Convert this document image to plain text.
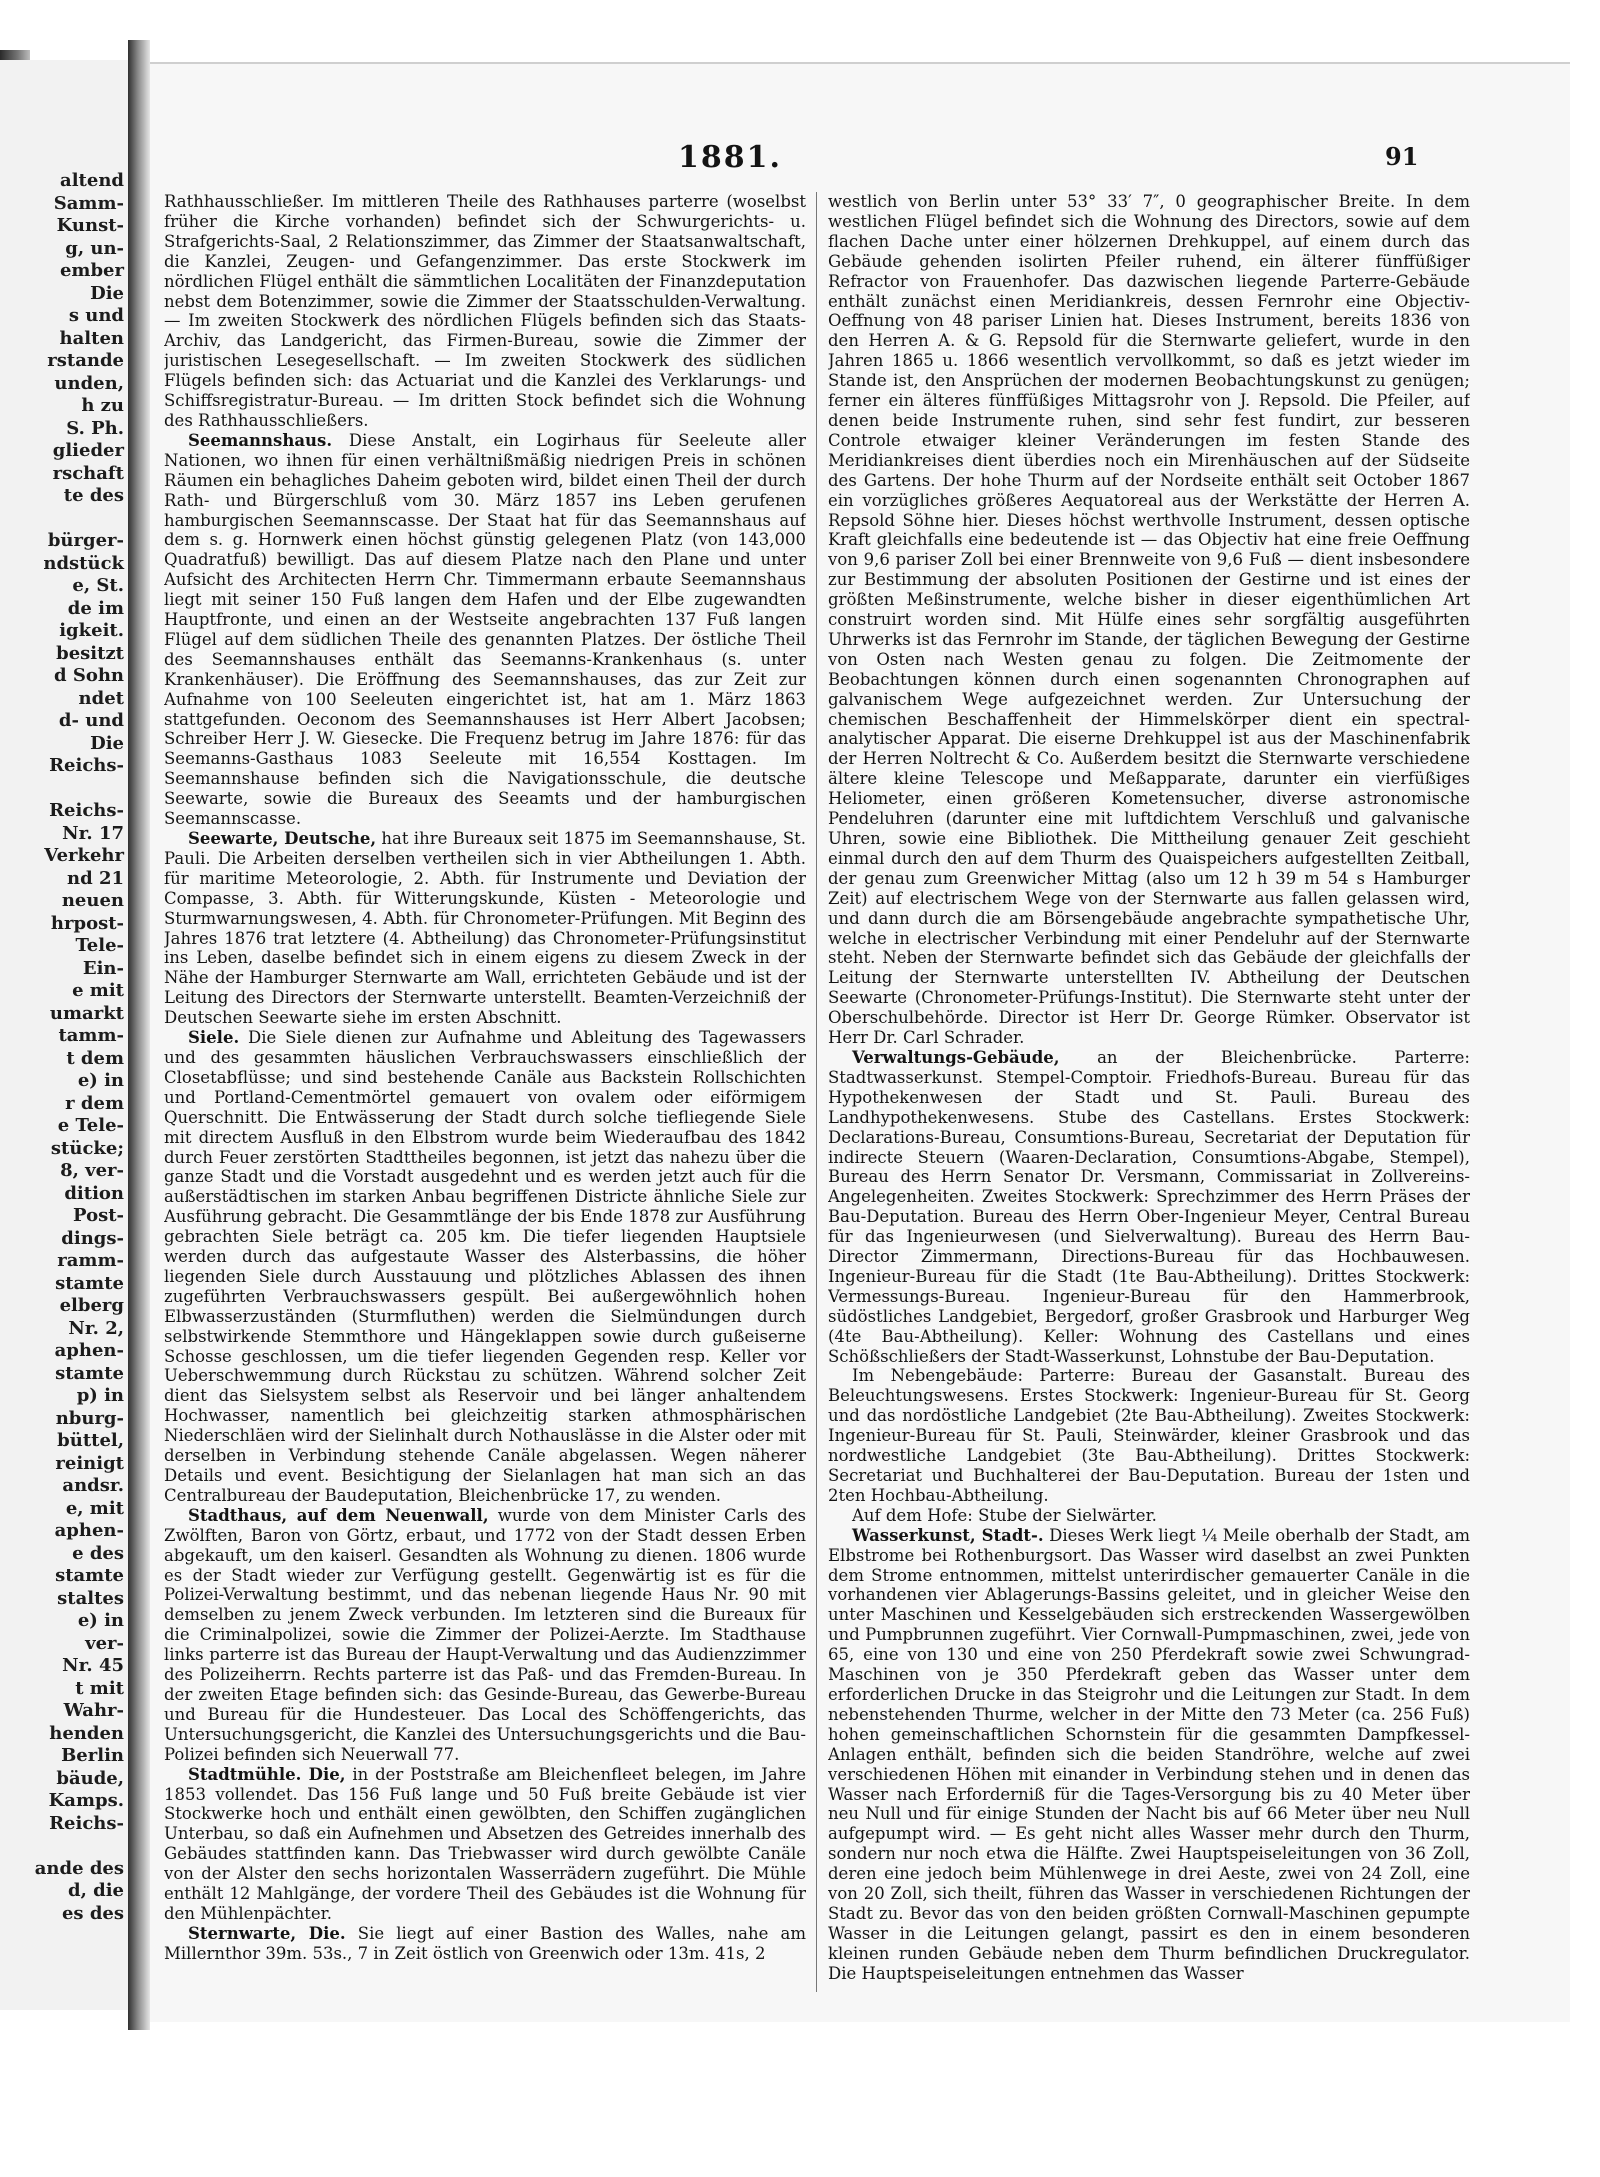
altend
Samm-
Kunst-
g, un-
ember
Die
s und
halten
rstande
unden,
h zu
S. Ph.
glieder
rschaft
te des
bürger-
ndstück
e, St.
de im
igkeit.
besitzt
d Sohn
ndet
d- und
Die
Reichs-
Reichs-
Nr. 17
Verkehr
nd 21
neuen
hrpost-
Tele-
Ein-
e mit
umarkt
tamm-
t dem
e) in
r dem
e Tele-
stücke;
8, ver-
dition
Post-
dings-
ramm-
stamte
elberg
Nr. 2,
aphen-
stamte
p) in
nburg-
büttel,
reinigt
andsr.
e, mit
aphen-
e des
stamte
staltes
e) in
ver-
Nr. 45
t mit
Wahr-
henden
Berlin
bäude,
Kamps.
Reichs-
ande des
d, die
es des
1881.	91

Rathhausschließer. Im mittleren Theile des Rathhauses parterre (woselbst früher die Kirche vorhanden) befindet sich der Schwurgerichts- u. Strafgerichts-Saal, 2 Relationszimmer, das Zimmer der Staatsanwaltschaft, die Kanzlei, Zeugen- und Gefangenzimmer. Das erste Stockwerk im nördlichen Flügel enthält die sämmtlichen Localitäten der Finanzdeputation nebst dem Botenzimmer, sowie die Zimmer der Staatsschulden-Verwaltung. — Im zweiten Stockwerk des nördlichen Flügels befinden sich das Staats-Archiv, das Landgericht, das Firmen-Bureau, sowie die Zimmer der juristischen Lesegesellschaft. — Im zweiten Stockwerk des südlichen Flügels befinden sich: das Actuariat und die Kanzlei des Verklarungs- und Schiffsregistratur-Bureau. — Im dritten Stock befindet sich die Wohnung des Rathhausschließers.

Seemannshaus. Diese Anstalt, ein Logirhaus für Seeleute aller Nationen, wo ihnen für einen verhältnißmäßig niedrigen Preis in schönen Räumen ein behagliches Daheim geboten wird, bildet einen Theil der durch Rath- und Bürgerschluß vom 30. März 1857 ins Leben gerufenen hamburgischen Seemannscasse. Der Staat hat für das Seemannshaus auf dem s. g. Hornwerk einen höchst günstig gelegenen Platz (von 143,000 Quadratfuß) bewilligt. Das auf diesem Platze nach den Plane und unter Aufsicht des Architecten Herrn Chr. Timmermann erbaute Seemannshaus liegt mit seiner 150 Fuß langen dem Hafen und der Elbe zugewandten Hauptfronte, und einen an der Westseite angebrachten 137 Fuß langen Flügel auf dem südlichen Theile des genannten Platzes. Der östliche Theil des Seemannshauses enthält das Seemanns-Krankenhaus (s. unter Krankenhäuser). Die Eröffnung des Seemannshauses, das zur Zeit zur Aufnahme von 100 Seeleuten eingerichtet ist, hat am 1. März 1863 stattgefunden. Oeconom des Seemannshauses ist Herr Albert Jacobsen; Schreiber Herr J. W. Giesecke. Die Frequenz betrug im Jahre 1876: für das Seemanns-Gasthaus 1083 Seeleute mit 16,554 Kosttagen. Im Seemannshause befinden sich die Navigationsschule, die deutsche Seewarte, sowie die Bureaux des Seeamts und der hamburgischen Seemannscasse.

Seewarte, Deutsche, hat ihre Bureaux seit 1875 im Seemannshause, St. Pauli. Die Arbeiten derselben vertheilen sich in vier Abtheilungen 1. Abth. für maritime Meteorologie, 2. Abth. für Instrumente und Deviation der Compasse, 3. Abth. für Witterungskunde, Küsten - Meteorologie und Sturmwarnungswesen, 4. Abth. für Chronometer-Prüfungen. Mit Beginn des Jahres 1876 trat letztere (4. Abtheilung) das Chronometer-Prüfungsinstitut ins Leben, daselbe befindet sich in einem eigens zu diesem Zweck in der Nähe der Hamburger Sternwarte am Wall, errichteten Gebäude und ist der Leitung des Directors der Sternwarte unterstellt. Beamten-Verzeichniß der Deutschen Seewarte siehe im ersten Abschnitt.

Siele. Die Siele dienen zur Aufnahme und Ableitung des Tagewassers und des gesammten häuslichen Verbrauchswassers einschließlich der Closetabflüsse; und sind bestehende Canäle aus Backstein Rollschichten und Portland-Cementmörtel gemauert von ovalem oder eiförmigem Querschnitt. Die Entwässerung der Stadt durch solche tiefliegende Siele mit directem Ausfluß in den Elbstrom wurde beim Wiederaufbau des 1842 durch Feuer zerstörten Stadttheiles begonnen, ist jetzt das nahezu über die ganze Stadt und die Vorstadt ausgedehnt und es werden jetzt auch für die außerstädtischen im starken Anbau begriffenen Districte ähnliche Siele zur Ausführung gebracht. Die Gesammtlänge der bis Ende 1878 zur Ausführung gebrachten Siele beträgt ca. 205 km. Die tiefer liegenden Hauptsiele werden durch das aufgestaute Wasser des Alsterbassins, die höher liegenden Siele durch Ausstauung und plötzliches Ablassen des ihnen zugeführten Verbrauchswassers gespült. Bei außergewöhnlich hohen Elbwasserzuständen (Sturmfluthen) werden die Sielmündungen durch selbstwirkende Stemmthore und Hängeklappen sowie durch gußeiserne Schosse geschlossen, um die tiefer liegenden Gegenden resp. Keller vor Ueberschwemmung durch Rückstau zu schützen. Während solcher Zeit dient das Sielsystem selbst als Reservoir und bei länger anhaltendem Hochwasser, namentlich bei gleichzeitig starken athmosphärischen Niederschläen wird der Sielinhalt durch Nothauslässe in die Alster oder mit derselben in Verbindung stehende Canäle abgelassen. Wegen näherer Details und event. Besichtigung der Sielanlagen hat man sich an das Centralbureau der Baudeputation, Bleichenbrücke 17, zu wenden.

Stadthaus, auf dem Neuenwall, wurde von dem Minister Carls des Zwölften, Baron von Görtz, erbaut, und 1772 von der Stadt dessen Erben abgekauft, um den kaiserl. Gesandten als Wohnung zu dienen. 1806 wurde es der Stadt wieder zur Verfügung gestellt. Gegenwärtig ist es für die Polizei-Verwaltung bestimmt, und das nebenan liegende Haus Nr. 90 mit demselben zu jenem Zweck verbunden. Im letzteren sind die Bureaux für die Criminalpolizei, sowie die Zimmer der Polizei-Aerzte. Im Stadthause links parterre ist das Bureau der Haupt-Verwaltung und das Audienzzimmer des Polizeiherrn. Rechts parterre ist das Paß- und das Fremden-Bureau. In der zweiten Etage befinden sich: das Gesinde-Bureau, das Gewerbe-Bureau und Bureau für die Hundesteuer. Das Local des Schöffengerichts, das Untersuchungsgericht, die Kanzlei des Untersuchungsgerichts und die Bau-Polizei befinden sich Neuerwall 77.

Stadtmühle. Die, in der Poststraße am Bleichenfleet belegen, im Jahre 1853 vollendet. Das 156 Fuß lange und 50 Fuß breite Gebäude ist vier Stockwerke hoch und enthält einen gewölbten, den Schiffen zugänglichen Unterbau, so daß ein Aufnehmen und Absetzen des Getreides innerhalb des Gebäudes stattfinden kann. Das Triebwasser wird durch gewölbte Canäle von der Alster den sechs horizontalen Wasserrädern zugeführt. Die Mühle enthält 12 Mahlgänge, der vordere Theil des Gebäudes ist die Wohnung für den Mühlenpächter.

Sternwarte, Die. Sie liegt auf einer Bastion des Walles, nahe am Millernthor 39m. 53s., 7 in Zeit östlich von Greenwich oder 13m. 41s, 2

westlich von Berlin unter 53° 33′ 7″, 0 geographischer Breite. In dem westlichen Flügel befindet sich die Wohnung des Directors, sowie auf dem flachen Dache unter einer hölzernen Drehkuppel, auf einem durch das Gebäude gehenden isolirten Pfeiler ruhend, ein älterer fünffüßiger Refractor von Frauenhofer. Das dazwischen liegende Parterre-Gebäude enthält zunächst einen Meridiankreis, dessen Fernrohr eine Objectiv-Oeffnung von 48 pariser Linien hat. Dieses Instrument, bereits 1836 von den Herren A. & G. Repsold für die Sternwarte geliefert, wurde in den Jahren 1865 u. 1866 wesentlich vervollkommt, so daß es jetzt wieder im Stande ist, den Ansprüchen der modernen Beobachtungskunst zu genügen; ferner ein älteres fünffüßiges Mittagsrohr von J. Repsold. Die Pfeiler, auf denen beide Instrumente ruhen, sind sehr fest fundirt, zur besseren Controle etwaiger kleiner Veränderungen im festen Stande des Meridiankreises dient überdies noch ein Mirenhäuschen auf der Südseite des Gartens. Der hohe Thurm auf der Nordseite enthält seit October 1867 ein vorzügliches größeres Aequatoreal aus der Werkstätte der Herren A. Repsold Söhne hier. Dieses höchst werthvolle Instrument, dessen optische Kraft gleichfalls eine bedeutende ist — das Objectiv hat eine freie Oeffnung von 9,6 pariser Zoll bei einer Brennweite von 9,6 Fuß — dient insbesondere zur Bestimmung der absoluten Positionen der Gestirne und ist eines der größten Meßinstrumente, welche bisher in dieser eigenthümlichen Art construirt worden sind. Mit Hülfe eines sehr sorgfältig ausgeführten Uhrwerks ist das Fernrohr im Stande, der täglichen Bewegung der Gestirne von Osten nach Westen genau zu folgen. Die Zeitmomente der Beobachtungen können durch einen sogenannten Chronographen auf galvanischem Wege aufgezeichnet werden. Zur Untersuchung der chemischen Beschaffenheit der Himmelskörper dient ein spectral-analytischer Apparat. Die eiserne Drehkuppel ist aus der Maschinenfabrik der Herren Noltrecht & Co. Außerdem besitzt die Sternwarte verschiedene ältere kleine Telescope und Meßapparate, darunter ein vierfüßiges Heliometer, einen größeren Kometensucher, diverse astronomische Pendeluhren (darunter eine mit luftdichtem Verschluß und galvanische Uhren, sowie eine Bibliothek. Die Mittheilung genauer Zeit geschieht einmal durch den auf dem Thurm des Quaispeichers aufgestellten Zeitball, der genau zum Greenwicher Mittag (also um 12 h 39 m 54 s Hamburger Zeit) auf electrischem Wege von der Sternwarte aus fallen gelassen wird, und dann durch die am Börsengebäude angebrachte sympathetische Uhr, welche in electrischer Verbindung mit einer Pendeluhr auf der Sternwarte steht. Neben der Sternwarte befindet sich das Gebäude der gleichfalls der Leitung der Sternwarte unterstellten IV. Abtheilung der Deutschen Seewarte (Chronometer-Prüfungs-Institut). Die Sternwarte steht unter der Oberschulbehörde. Director ist Herr Dr. George Rümker. Observator ist Herr Dr. Carl Schrader.

Verwaltungs-Gebäude, an der Bleichenbrücke. Parterre: Stadtwasserkunst. Stempel-Comptoir. Friedhofs-Bureau. Bureau für das Hypothekenwesen der Stadt und St. Pauli. Bureau des Landhypothekenwesens. Stube des Castellans. Erstes Stockwerk: Declarations-Bureau, Consumtions-Bureau, Secretariat der Deputation für indirecte Steuern (Waaren-Declaration, Consumtions-Abgabe, Stempel), Bureau des Herrn Senator Dr. Versmann, Commissariat in Zollvereins-Angelegenheiten. Zweites Stockwerk: Sprechzimmer des Herrn Präses der Bau-Deputation. Bureau des Herrn Ober-Ingenieur Meyer, Central Bureau für das Ingenieurwesen (und Sielverwaltung). Bureau des Herrn Bau-Director Zimmermann, Directions-Bureau für das Hochbauwesen. Ingenieur-Bureau für die Stadt (1te Bau-Abtheilung). Drittes Stockwerk: Vermessungs-Bureau. Ingenieur-Bureau für den Hammerbrook, südöstliches Landgebiet, Bergedorf, großer Grasbrook und Harburger Weg (4te Bau-Abtheilung). Keller: Wohnung des Castellans und eines Schößschließers der Stadt-Wasserkunst, Lohnstube der Bau-Deputation.

Im Nebengebäude: Parterre: Bureau der Gasanstalt. Bureau des Beleuchtungswesens. Erstes Stockwerk: Ingenieur-Bureau für St. Georg und das nordöstliche Landgebiet (2te Bau-Abtheilung). Zweites Stockwerk: Ingenieur-Bureau für St. Pauli, Steinwärder, kleiner Grasbrook und das nordwestliche Landgebiet (3te Bau-Abtheilung). Drittes Stockwerk: Secretariat und Buchhalterei der Bau-Deputation. Bureau der 1sten und 2ten Hochbau-Abtheilung.

Auf dem Hofe: Stube der Sielwärter.

Wasserkunst, Stadt-. Dieses Werk liegt ¼ Meile oberhalb der Stadt, am Elbstrome bei Rothenburgsort. Das Wasser wird daselbst an zwei Punkten dem Strome entnommen, mittelst unterirdischer gemauerter Canäle in die vorhandenen vier Ablagerungs-Bassins geleitet, und in gleicher Weise den unter Maschinen und Kesselgebäuden sich erstreckenden Wassergewölben und Pumpbrunnen zugeführt. Vier Cornwall-Pumpmaschinen, zwei, jede von 65, eine von 130 und eine von 250 Pferdekraft sowie zwei Schwungrad-Maschinen von je 350 Pferdekraft geben das Wasser unter dem erforderlichen Drucke in das Steigrohr und die Leitungen zur Stadt. In dem nebenstehenden Thurme, welcher in der Mitte den 73 Meter (ca. 256 Fuß) hohen gemeinschaftlichen Schornstein für die gesammten Dampfkessel-Anlagen enthält, befinden sich die beiden Standröhre, welche auf zwei verschiedenen Höhen mit einander in Verbindung stehen und in denen das Wasser nach Erforderniß für die Tages-Versorgung bis zu 40 Meter über neu Null und für einige Stunden der Nacht bis auf 66 Meter über neu Null aufgepumpt wird. — Es geht nicht alles Wasser mehr durch den Thurm, sondern nur noch etwa die Hälfte. Zwei Hauptspeiseleitungen von 36 Zoll, deren eine jedoch beim Mühlenwege in drei Aeste, zwei von 24 Zoll, eine von 20 Zoll, sich theilt, führen das Wasser in verschiedenen Richtungen der Stadt zu. Bevor das von den beiden größten Cornwall-Maschinen gepumpte Wasser in die Leitungen gelangt, passirt es den in einem besonderen kleinen runden Gebäude neben dem Thurm befindlichen Druckregulator. Die Hauptspeiseleitungen entnehmen das Wasser
